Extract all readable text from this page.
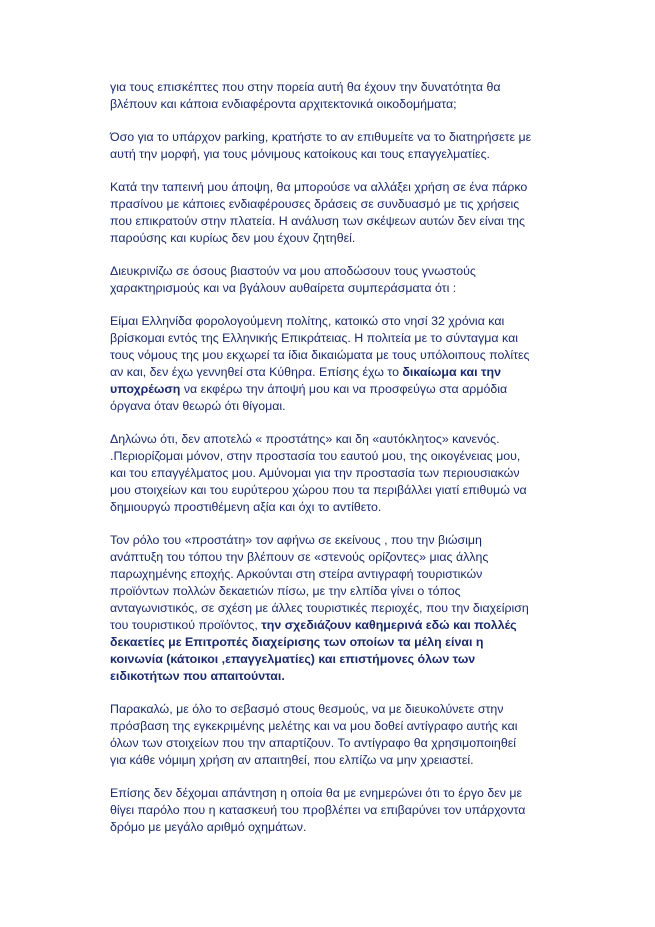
για τους επισκέπτες που στην πορεία αυτή θα έχουν την δυνατότητα θα
βλέπουν και κάποια ενδιαφέροντα αρχιτεκτονικά οικοδομήματα;
Όσο για το υπάρχον parking, κρατήστε το αν επιθυμείτε να το διατηρήσετε με
αυτή την μορφή, για τους μόνιμους κατοίκους και τους επαγγελματίες.
Κατά την ταπεινή μου άποψη, θα μπορούσε να αλλάξει χρήση σε ένα πάρκο
πρασίνου με κάποιες ενδιαφέρουσες δράσεις σε συνδυασμό με τις χρήσεις
που επικρατούν στην πλατεία. Η ανάλυση των σκέψεων αυτών δεν είναι της
παρούσης και κυρίως δεν μου έχουν ζητηθεί.
Διευκρινίζω σε όσους βιαστούν να μου αποδώσουν τους γνωστούς
χαρακτηρισμούς και να βγάλουν αυθαίρετα συμπεράσματα ότι :
Είμαι Ελληνίδα φορολογούμενη πολίτης, κατοικώ στο νησί 32 χρόνια και
βρίσκομαι εντός της Ελληνικής Επικράτειας. Η πολιτεία με το σύνταγμα και
τους νόμους της μου εκχωρεί τα ίδια δικαιώματα με τους υπόλοιπους πολίτες
αν και, δεν έχω γεννηθεί στα Κύθηρα. Επίσης έχω το δικαίωμα και την
υποχρέωση να εκφέρω την άποψή μου και να προσφεύγω στα αρμόδια
όργανα όταν θεωρώ ότι θίγομαι.
Δηλώνω ότι, δεν αποτελώ « προστάτης» και δη «αυτόκλητος» κανενός.
.Περιορίζομαι μόνον, στην προστασία του εαυτού μου, της οικογένειας μου,
και του επαγγέλματος μου. Αμύνομαι για την προστασία των περιουσιακών
μου στοιχείων και του ευρύτερου χώρου που τα περιβάλλει γιατί επιθυμώ να
δημιουργώ προστιθέμενη αξία και όχι το αντίθετο.
Τον ρόλο του «προστάτη» τον αφήνω σε εκείνους , που την βιώσιμη
ανάπτυξη του τόπου την βλέπουν σε «στενούς ορίζοντες» μιας άλλης
παρωχημένης εποχής. Αρκούνται στη στείρα αντιγραφή τουριστικών
προϊόντων πολλών δεκαετιών πίσω, με την ελπίδα γίνει ο τόπος
ανταγωνιστικός, σε σχέση με άλλες τουριστικές περιοχές, που την διαχείριση
του τουριστικού προϊόντος, την σχεδιάζουν καθημερινά εδώ και πολλές
δεκαετίες με Επιτροπές διαχείρισης των οποίων τα μέλη είναι η
κοινωνία (κάτοικοι ,επαγγελματίες) και επιστήμονες όλων των
ειδικοτήτων που απαιτούνται.
Παρακαλώ, με όλο το σεβασμό στους θεσμούς, να με διευκολύνετε στην
πρόσβαση της εγκεκριμένης μελέτης και να μου δοθεί αντίγραφο αυτής και
όλων των στοιχείων που την απαρτίζουν. Το αντίγραφο θα χρησιμοποιηθεί
για κάθε νόμιμη χρήση αν απαιτηθεί, που ελπίζω να μην χρειαστεί.
Επίσης δεν δέχομαι απάντηση η οποία θα με ενημερώνει ότι το έργο δεν με
θίγει παρόλο που η κατασκευή του προβλέπει να επιβαρύνει τον υπάρχοντα
δρόμο με μεγάλο αριθμό οχημάτων.
